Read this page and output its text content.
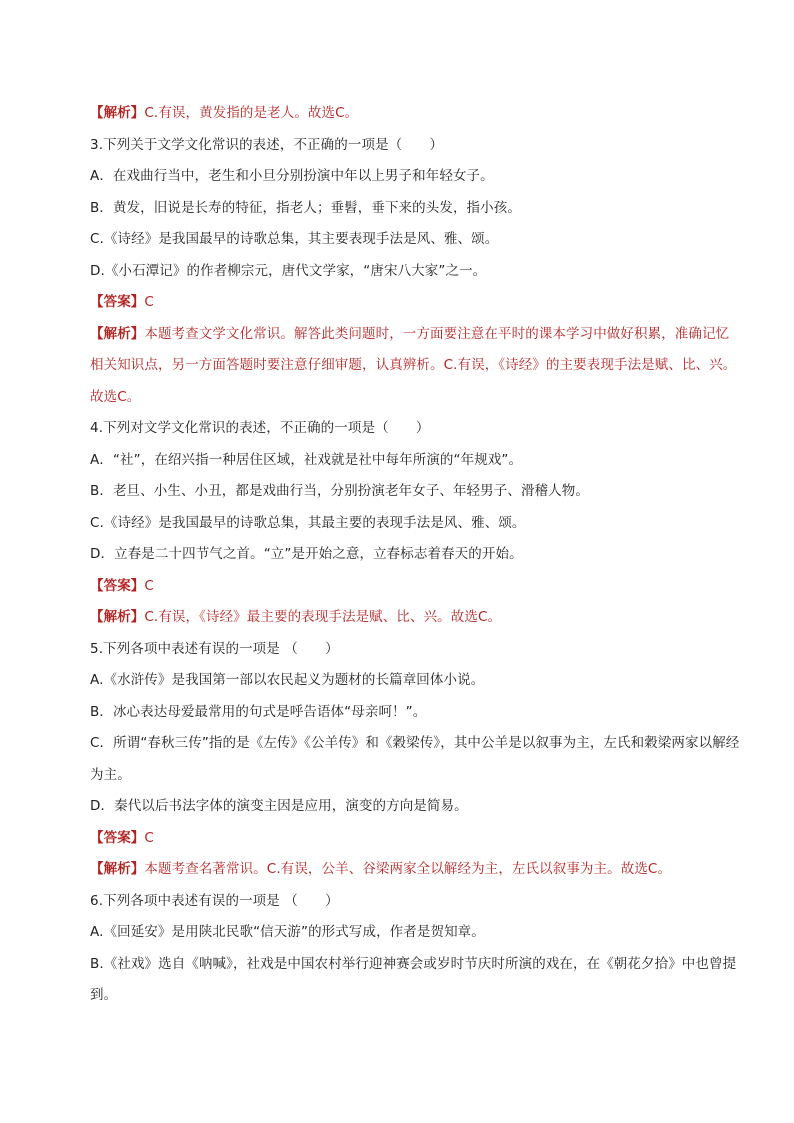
【解析】C.有误，黄发指的是老人。故选C。
3.下列关于文学文化常识的表述，不正确的一项是（　　）
A．在戏曲行当中，老生和小旦分别扮演中年以上男子和年轻女子。
B．黄发，旧说是长寿的特征，指老人；垂髫，垂下来的头发，指小孩。
C.《诗经》是我国最早的诗歌总集，其主要表现手法是风、雅、颂。
D.《小石潭记》的作者柳宗元，唐代文学家，“唐宋八大家”之一。
【答案】C
【解析】本题考查文学文化常识。解答此类问题时，一方面要注意在平时的课本学习中做好积累，准确记忆相关知识点，另一方面答题时要注意仔细审题，认真辨析。C.有误，《诗经》的主要表现手法是赋、比、兴。故选C。
4.下列对文学文化常识的表述，不正确的一项是（　　）
A．“社”，在绍兴指一种居住区域，社戏就是社中每年所演的“年规戏”。
B．老旦、小生、小丑，都是戏曲行当，分别扮演老年女子、年轻男子、滑稽人物。
C.《诗经》是我国最早的诗歌总集，其最主要的表现手法是风、雅、颂。
D．立春是二十四节气之首。“立”是开始之意，立春标志着春天的开始。
【答案】C
【解析】C.有误，《诗经》最主要的表现手法是赋、比、兴。故选C。
5.下列各项中表述有误的一项是 （　　）
A.《水浒传》是我国第一部以农民起义为题材的长篇章回体小说。
B．冰心表达母爱最常用的句式是呼告语体“母亲呵！”。
C．所谓“春秋三传”指的是《左传》《公羊传》和《穀梁传》，其中公羊是以叙事为主，左氏和穀梁两家以解经为主。
D．秦代以后书法字体的演变主因是应用，演变的方向是简易。
【答案】C
【解析】本题考查名著常识。C.有误，公羊、谷梁两家全以解经为主，左氏以叙事为主。故选C。
6.下列各项中表述有误的一项是 （　　）
A.《回延安》是用陕北民歌“信天游”的形式写成，作者是贺知章。
B.《社戏》选自《呐喊》，社戏是中国农村举行迎神赛会或岁时节庆时所演的戏在，在《朝花夕拾》中也曾提到。
